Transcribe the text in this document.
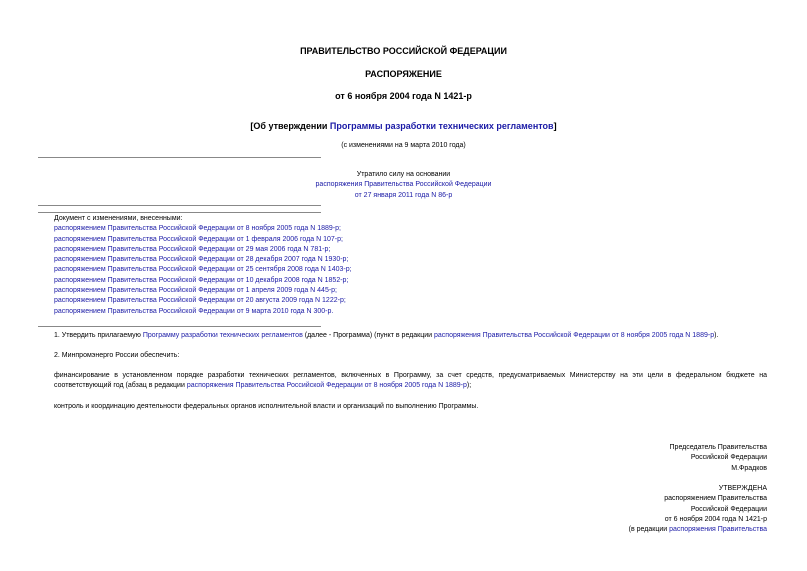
ПРАВИТЕЛЬСТВО РОССИЙСКОЙ ФЕДЕРАЦИИ
РАСПОРЯЖЕНИЕ
от 6 ноября 2004 года N 1421-р
[Об утверждении Программы разработки технических регламентов]
(с изменениями на 9 марта 2010 года)
Утратило силу на основании
распоряжения Правительства Российской Федерации
от 27 января 2011 года N 86-р
Документ с изменениями, внесенными:
распоряжением Правительства Российской Федерации от 8 ноября 2005 года N 1889-р;
распоряжением Правительства Российской Федерации от 1 февраля 2006 года N 107-р;
распоряжением Правительства Российской Федерации от 29 мая 2006 года N 781-р;
распоряжением Правительства Российской Федерации от 28 декабря 2007 года N 1930-р;
распоряжением Правительства Российской Федерации от 25 сентября 2008 года N 1403-р;
распоряжением Правительства Российской Федерации от 10 декабря 2008 года N 1852-р;
распоряжением Правительства Российской Федерации от 1 апреля 2009 года N 445-р;
распоряжением Правительства Российской Федерации от 20 августа 2009 года N 1222-р;
распоряжением Правительства Российской Федерации от 9 марта 2010 года N 300-р.
1. Утвердить прилагаемую Программу разработки технических регламентов (далее - Программа) (пункт в редакции распоряжения Правительства Российской Федерации от 8 ноября 2005 года N 1889-р).
2. Минпромэнерго России обеспечить:
финансирование в установленном порядке разработки технических регламентов, включенных в Программу, за счет средств, предусматриваемых Министерству на эти цели в федеральном бюджете на соответствующий год (абзац в редакции распоряжения Правительства Российской Федерации от 8 ноября 2005 года N 1889-р);
контроль и координацию деятельности федеральных органов исполнительной власти и организаций по выполнению Программы.
Председатель Правительства
Российской Федерации
М.Фрадков
УТВЕРЖДЕНА
распоряжением Правительства
Российской Федерации
от 6 ноября 2004 года N 1421-р
(в редакции распоряжения Правительства
